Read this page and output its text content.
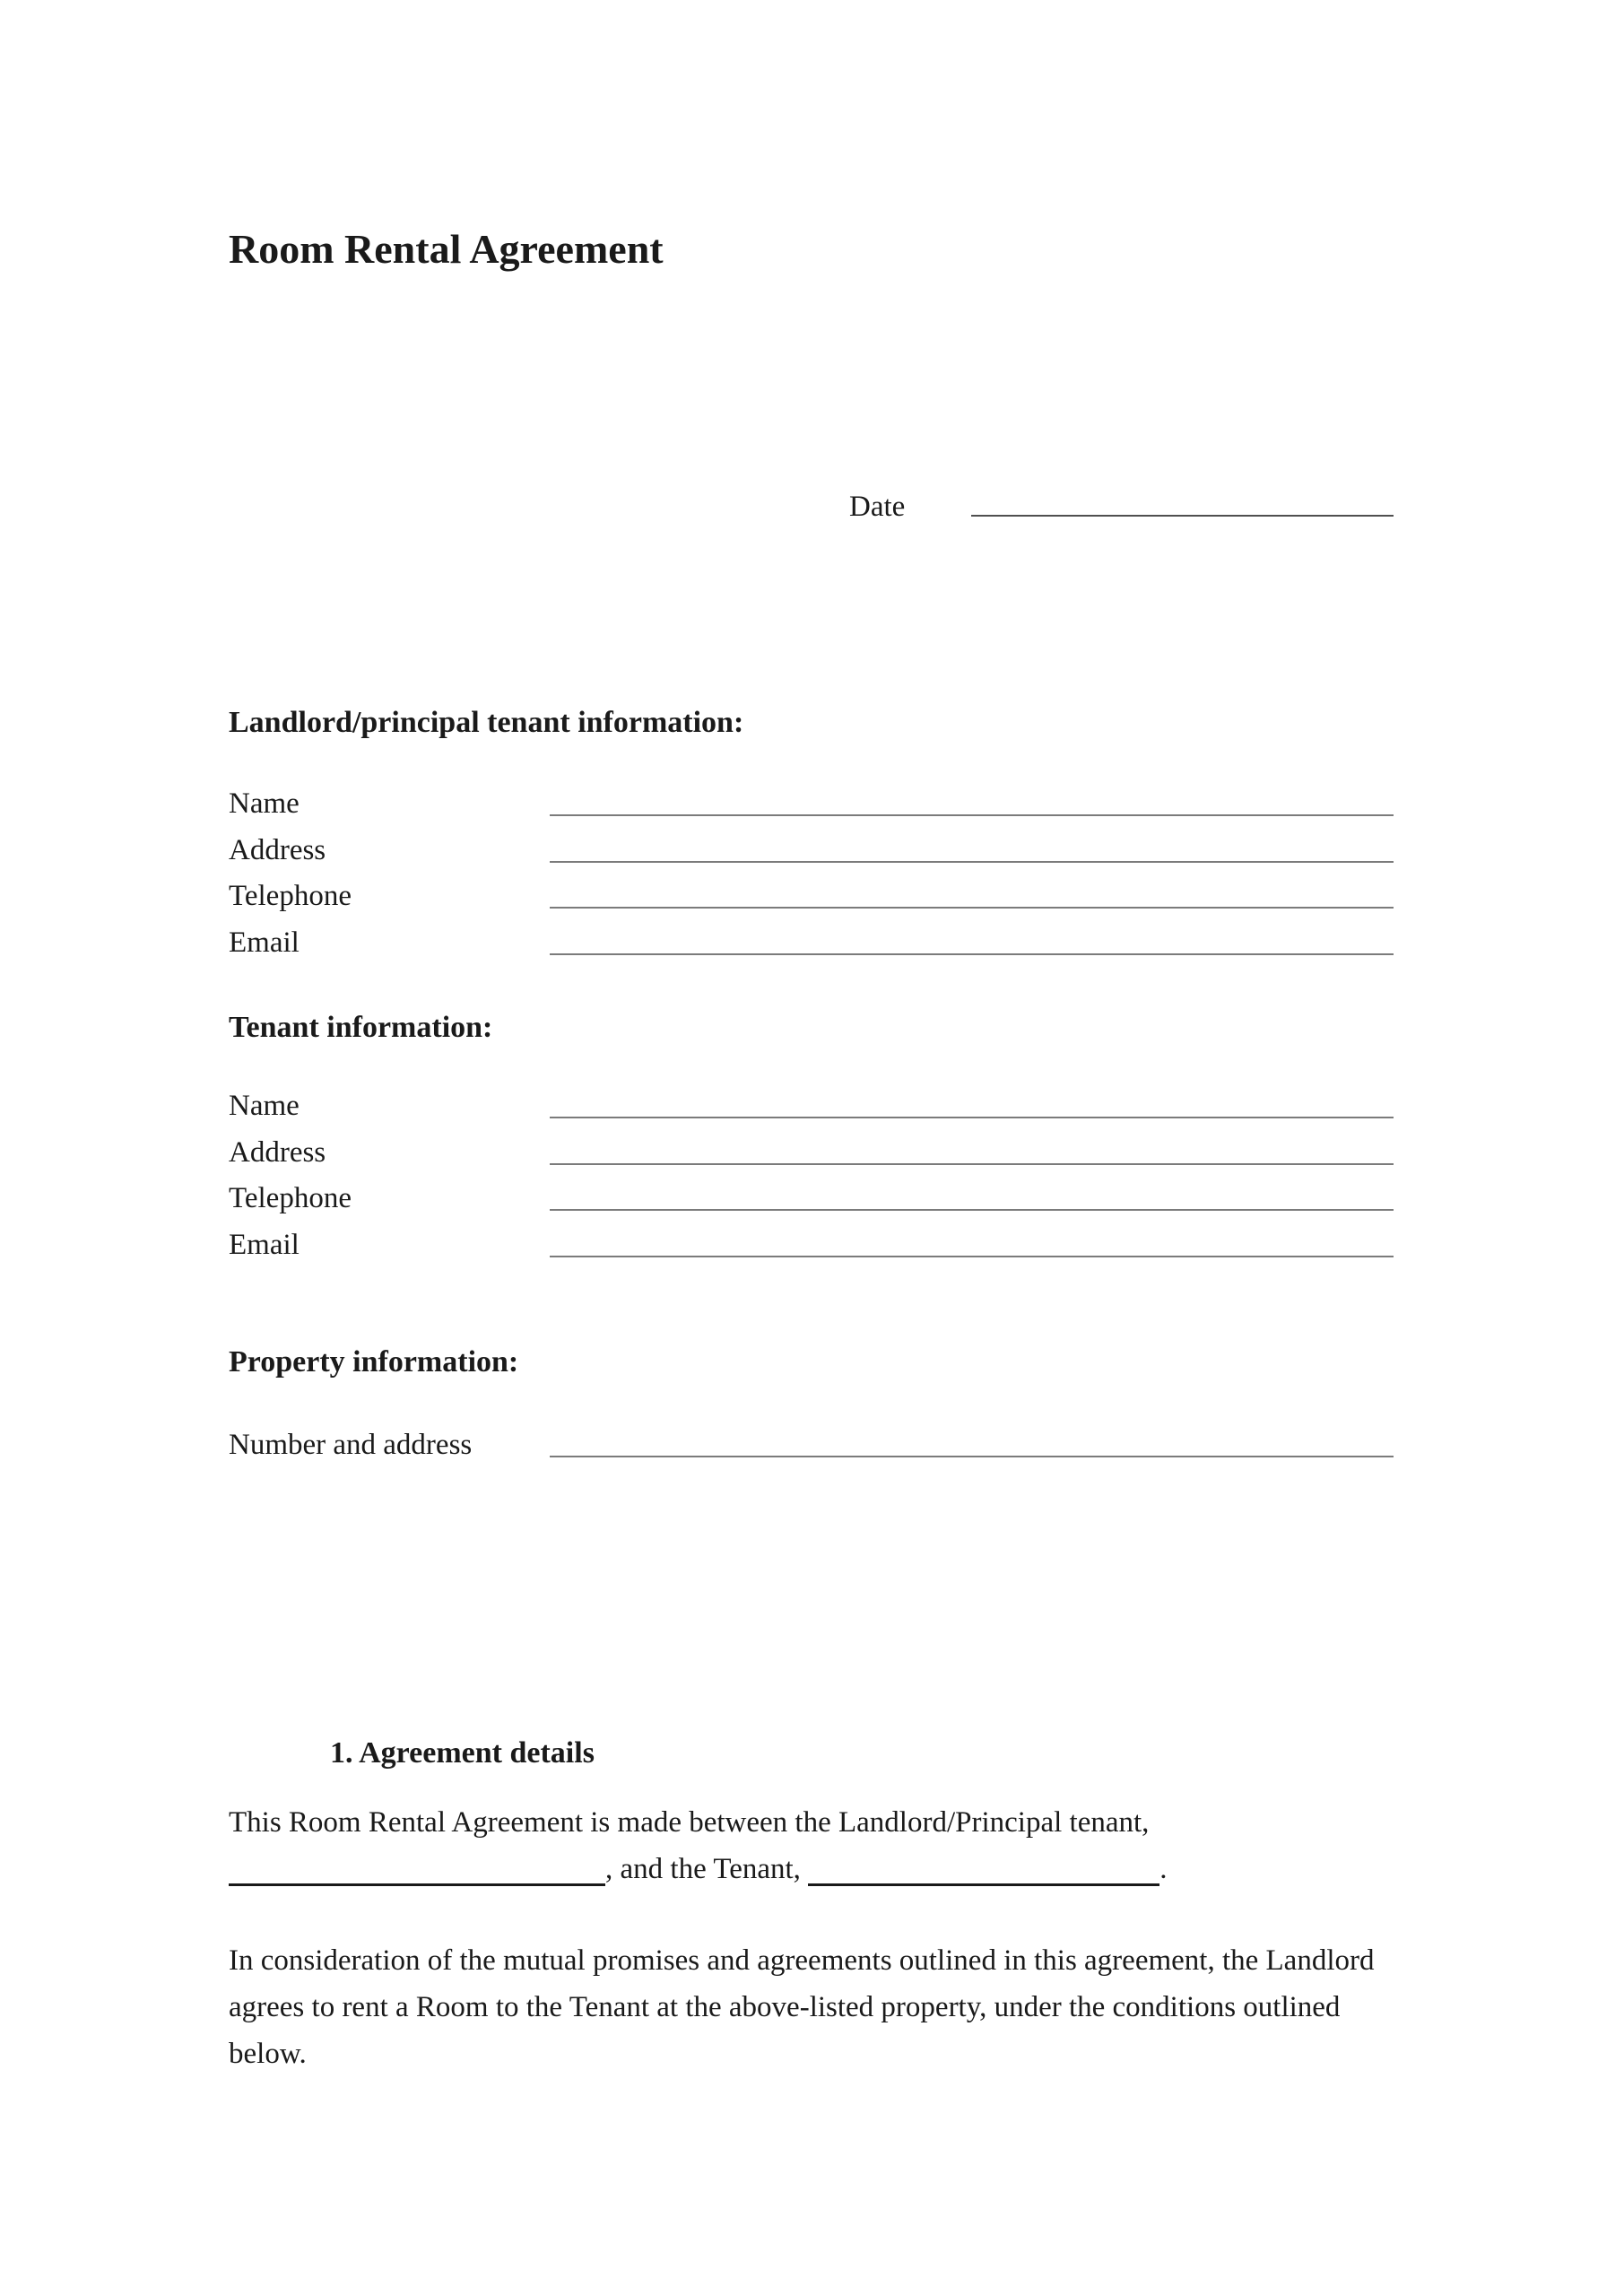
Room Rental Agreement
Date
Landlord/principal tenant information:
Name
Address
Telephone
Email
Tenant information:
Name
Address
Telephone
Email
Property information:
Number and address
1. Agreement details

This Room Rental Agreement is made between the Landlord/Principal tenant, , and the Tenant,	.

In consideration of the mutual promises and agreements outlined in this agreement, the Landlord agrees to rent a Room to the Tenant at the above-listed property, under the conditions outlined below.
